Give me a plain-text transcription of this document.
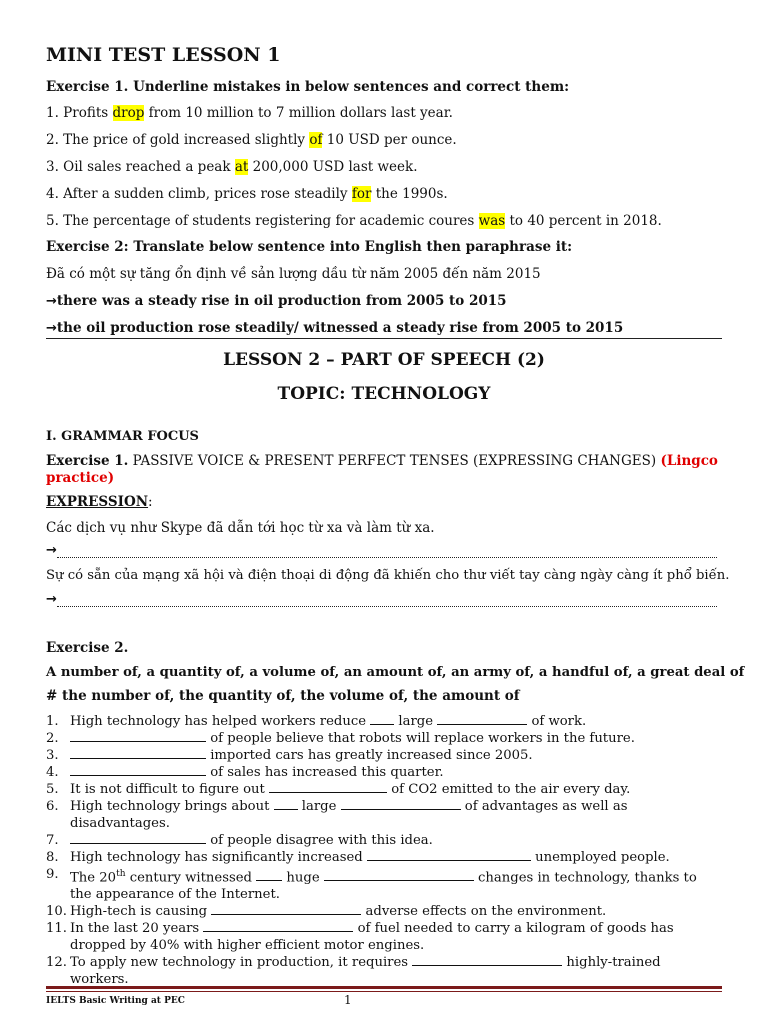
MINI TEST LESSON 1
Exercise 1. Underline mistakes in below sentences and correct them:
1. Profits drop from 10 million to 7 million dollars last year.
2. The price of gold increased slightly of 10 USD per ounce.
3. Oil sales reached a peak at 200,000 USD last week.
4. After a sudden climb, prices rose steadily for the 1990s.
5. The percentage of students registering for academic coures was to 40 percent in 2018.
Exercise 2: Translate below sentence into English then paraphrase it:
Đã có một sự tăng ổn định về sản lượng dầu từ năm 2005 đến năm 2015
→there was a steady rise in oil production from 2005 to 2015
→the oil production rose steadily/ witnessed a steady rise from 2005 to 2015
LESSON 2 – PART OF SPEECH (2)
TOPIC: TECHNOLOGY
I. GRAMMAR FOCUS
Exercise 1. PASSIVE VOICE & PRESENT PERFECT TENSES (EXPRESSING CHANGES) (Lingco
practice)
EXPRESSION:
Các dịch vụ như Skype đã dẫn tới học từ xa và làm từ xa.
→
Sự có sẵn của mạng xã hội và điện thoại di động đã khiến cho thư viết tay càng ngày càng ít phổ biến.
→
Exercise 2.
A number of, a quantity of, a volume of, an amount of, an army of, a handful of, a great deal of
# the number of, the quantity of, the volume of, the amount of
1. High technology has helped workers reduce  large	of work.
2.	of people believe that robots will replace workers in the future.
3.	imported cars has greatly increased since 2005.
4.	of sales has increased this quarter.
5. It is not difficult to figure out	of CO2 emitted to the air every day.
6. High technology brings about  large	of advantages as well as disadvantages.
7.	of people disagree with this idea.
8. High technology has significantly increased	unemployed people.
9. The 20th century witnessed  huge	changes in technology, thanks to the appearance of the Internet.
10. High-tech is causing	adverse effects on the environment.
11. In the last 20 years	of fuel needed to carry a kilogram of goods has dropped by 40% with higher efficient motor engines.
12. To apply new technology in production, it requires	highly-trained workers.
IELTS Basic Writing at PEC	1
